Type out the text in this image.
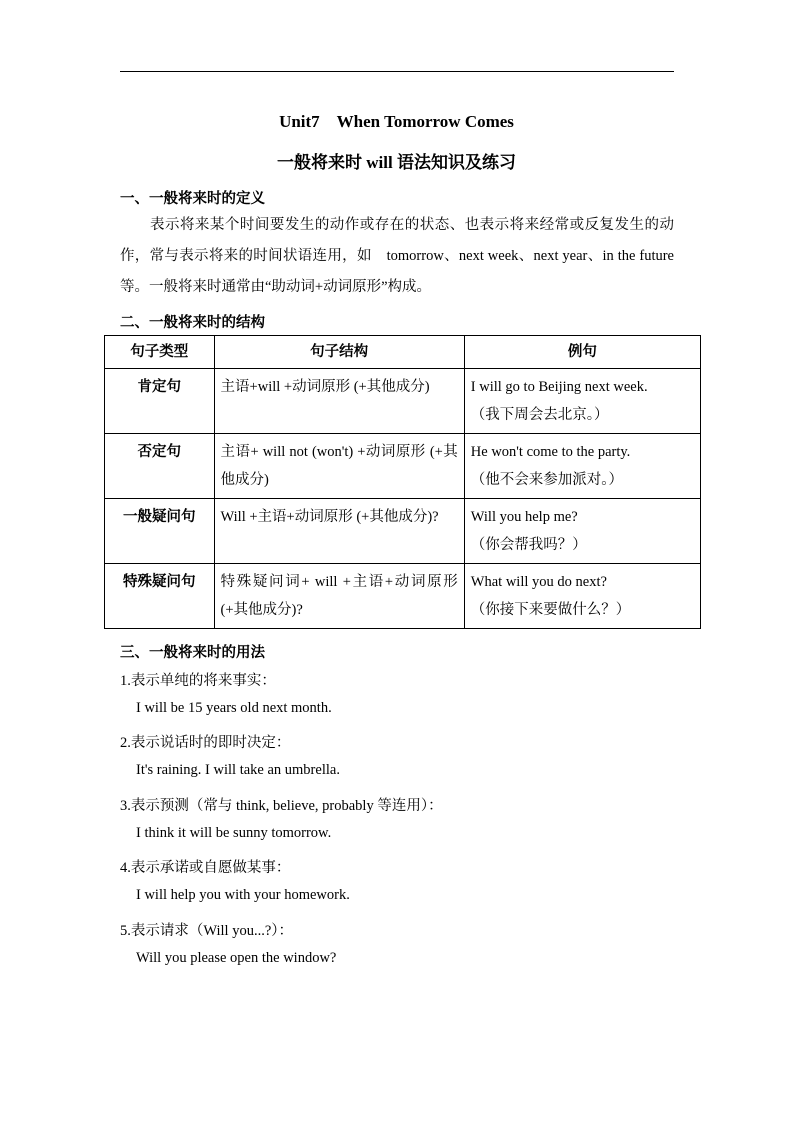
Unit7　When Tomorrow Comes
一般将来时 will 语法知识及练习
一、一般将来时的定义
　　表示将来某个时间要发生的动作或存在的状态、也表示将来经常或反复发生的动作，常与表示将来的时间状语连用，如　tomorrow、next week、next year、in the future 等。一般将来时通常由“助动词+动词原形”构成。
二、一般将来时的结构
句子类型	句子结构	例句
肯定句	主语+will +动词原形 (+其他成分)	I will go to Beijing next week.
（我下周会去北京。）

否定句	主语+ will not (won't) +动词原形 (+其他成分)	He won't come to the party.
（他不会来参加派对。）

一般疑问句	Will +主语+动词原形 (+其他成分)?	Will you help me?
（你会帮我吗？）

特殊疑问句	特殊疑问词+ will +主语+动词原形 (+其他成分)?	What will you do next?
（你接下来要做什么？）
三、一般将来时的用法
1.表示单纯的将来事实：
I will be 15 years old next month.
2.表示说话时的即时决定：
It's raining. I will take an umbrella.
3.表示预测（常与 think, believe, probably 等连用）：
I think it will be sunny tomorrow.
4.表示承诺或自愿做某事：
I will help you with your homework.
5.表示请求（Will you...?）：
Will you please open the window?
